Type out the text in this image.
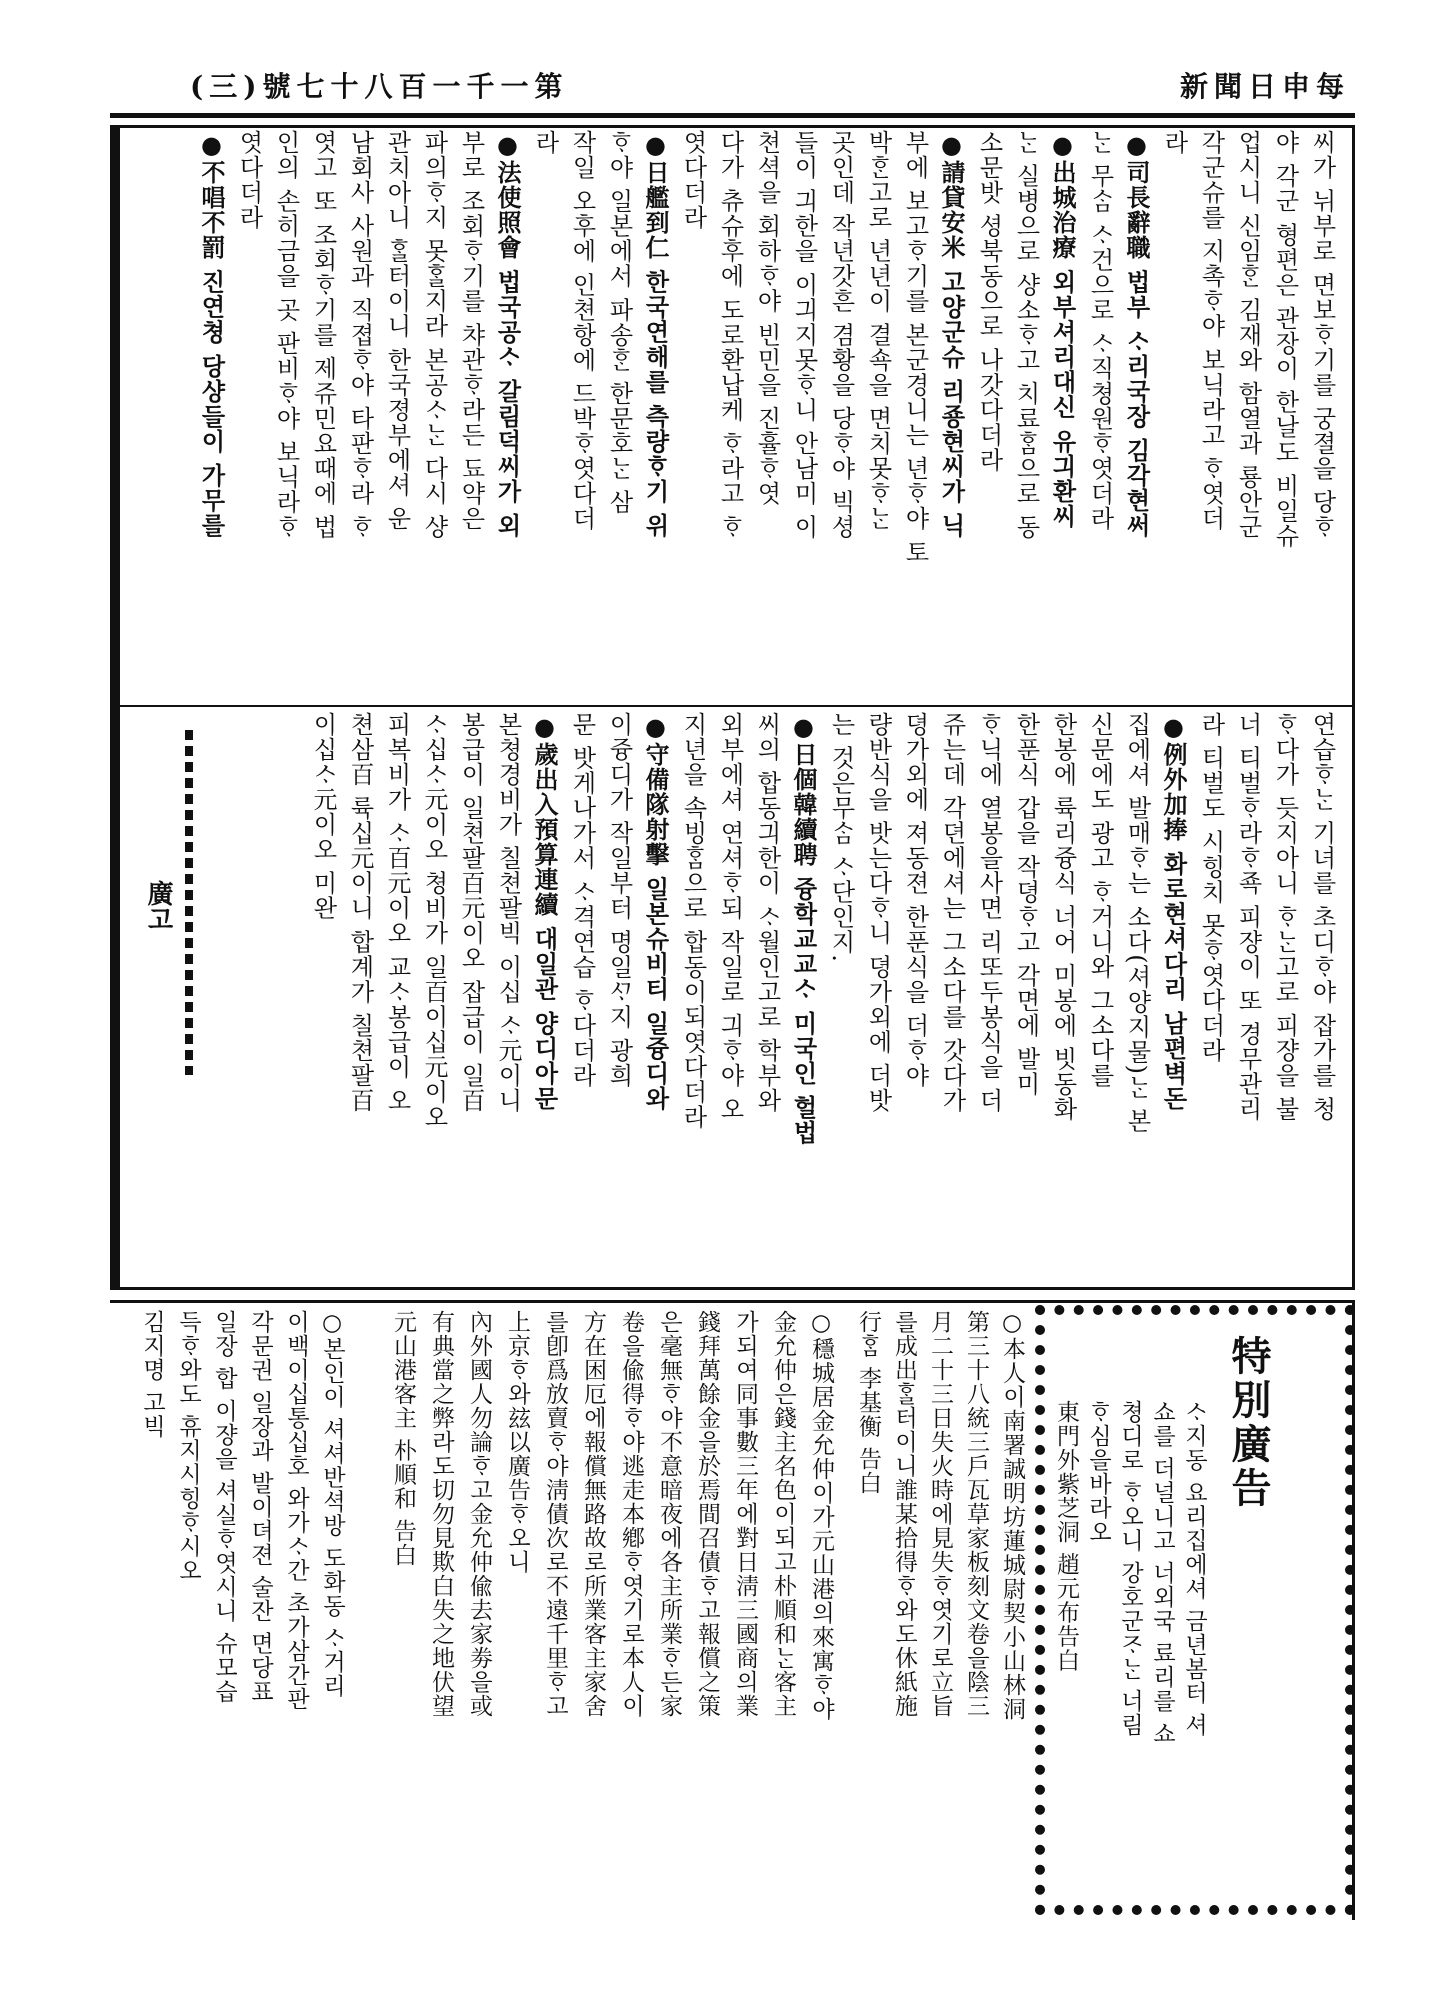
(三)號七十八百一千一第	新聞日申每

씨가 뉘부로 면보ᄒᆞ기를 궁졀을 당ᄒᆞ

야 각군 형편은 관장이 한날도 비일슈

업시니 신임ᄒᆞᆫ 김재와 함열과 룡안군

각군슈를 지촉ᄒᆞ야 보닉라고 ᄒᆞ엿더

라

●司長辭職 법부 ᄉᆞ리국장 김각현써

ᄂᆞᆫ 무ᄉᆞᆷ ᄉᆞ건으로 ᄉᆞ직쳥원ᄒᆞ엿더라

●出城治療 외부셔리대신 유긔환씨

ᄂᆞᆫ 실병으로 샹소ᄒᆞ고 치료ᄒᆞᆷ으로 동

소문밧 셩북동으로 나갓다더라

●請貸安米 고양군슈 리죵현씨가 닉

부에 보고ᄒᆞ기를 본군경니는 년ᄒᆞ야 토

박ᄒᆞᆫ고로 년년이 결쇽을 면치못ᄒᆞᄂᆞᆫ

곳인데 작년갓흔 겸황을 당ᄒᆞ야 빅셩

들이 긔한을 이긔지못ᄒᆞ니 안남미 이

쳔셕을 회하ᄒᆞ야 빈민을 진휼ᄒᆞ엿

다가 츄슈후에 도로환납케 ᄒᆞ라고 ᄒᆞ

엿다더라

●日艦到仁 한국연해를 측량ᄒᆞ기 위

ᄒᆞ야 일본에서 파송ᄒᆞᆫ 한문호ᄂᆞᆫ 삼

작일 오후에 인쳔항에 드박ᄒᆞ엿다더

라

●法使照會 법국공ᄉᆞ 갈림덕씨가 외

부로 조회ᄒᆞ기를 챠관ᄒᆞ라든 됴약은

파의ᄒᆞ지 못ᄒᆞᆯ지라 본공ᄉᆞᄂᆞᆫ 다시 샹

관치아니 ᄒᆞᆯ터이니 한국졍부에셔 운

남회사 사원과 직졉ᄒᆞ야 타판ᄒᆞ라 ᄒᆞ

엿고 또 조회ᄒᆞ기를 제쥬민요때에 법

인의 손히금을 곳 판비ᄒᆞ야 보닉라ᄒᆞ

엿다더라

●不唱不罰 진연쳥 당샹들이 가무를

연습ᄒᆞᄂᆞᆫ 기녀를 초디ᄒᆞ야 잡가를 청

ᄒᆞ다가 듯지아니 ᄒᆞᄂᆞᆫ고로 피쟝을 불

너 티벌ᄒᆞ라ᄒᆞ죡 피쟝이 또 경무관리

라 티벌도 시힝치 못ᄒᆞ엿다더라

●例外加捧 화로현셔다리 남편벽돈

집에셔 발매ᄒᆞ는 소다(셔양지물)ᄂᆞᆫ 본

신문에도 광고 ᄒᆞ거니와 그소다를

한봉에 륙리즁식 너어 미봉에 빗동화

한푼식 갑을 작뎡ᄒᆞ고 각면에 발미

ᄒᆞ닉에 열봉을사면 리또두봉식을 더

쥬는데 각뎐에셔는 그소다를 갓다가

뎡가외에 져동젼 한푼식을 더ᄒᆞ야

량반식을 밧는다ᄒᆞ니 뎡가외에 더밧

는 것은무ᄉᆞᆷ ᄉᆞ단인지.

●日個韓續聘 즁학교교ᄉᆞ 미국인 헐법

씨의 합동긔한이 ᄉᆞ월인고로 학부와

외부에셔 연셔ᄒᆞ되 작일로 긔ᄒᆞ야 오

지년을 속빙ᄒᆞᆷ으로 합동이되엿다더라

●守備隊射擊 일본슈비티 일즁디와

이즁디가 작일부터 명일ᄭᆞ지 광희

문 밧게나가서 ᄉᆞ격연습 ᄒᆞ다더라

●歲出入預算連續 대일관 양디아문

본쳥경비가 칠쳔팔빅 이십 ᄉᆞ元이니

봉급이 일쳔팔百元이오 잡급이 일百

ᄉᆞ십ᄉᆞ元이오 쳥비가 일百이십元이오

피복비가 ᄉᆞ百元이오 교ᄉᆞ봉급이 오

쳔삼百 륙십元이니 합계가 칠쳔팔百

이십ᄉᆞ元이오 미완

廣고
特別廣告

ᄉᆞ지동 요리집에셔 금년봄터 셔

쇼를 더널니고 너외국 료리를 쇼

쳥디로 ᄒᆞ오니 강호군ᄌᆞᄂᆞᆫ 너림

ᄒᆞ심을바라오

東門外紫芝洞 趙元布告白

○本人이南署誠明坊蓮城尉契小山林洞

第三十八統三戶瓦草家板刻文卷을陰三

月二十三日失火時에見失ᄒᆞ엿기로立旨

를成出ᄒᆞᆯ터이니誰某拾得ᄒᆞ와도休紙施

行ᄒᆞᆷ 李基衡 告白

○穩城居金允仲이가元山港의來寓ᄒᆞ야

金允仲은錢主名色이되고朴順和ᄂᆞᆫ客主

가되여同事數三年에對日淸三國商의業

錢拜萬餘金을於焉間召債ᄒᆞ고報償之策

은毫無ᄒᆞ야不意暗夜에各主所業ᄒᆞ든家

卷을偸得ᄒᆞ야逃走本鄕ᄒᆞ엿기로本人이

方在困厄에報償無路故로所業客主家舍

를卽爲放賣ᄒᆞ야淸債次로不遠千里ᄒᆞ고

上京ᄒᆞ와玆以廣告ᄒᆞ오니

內外國人勿論ᄒᆞ고金允仲偸去家劵을或

有典當之弊라도切勿見欺白失之地伏望

元山港客主 朴順和 告白

○본인이 셔셔반셕방 도화동 ᄉᆞ거리

이백이십통십호 와가ᄉᆞ간 초가삼간판

각문권 일장과 발이뎌젼 술잔 면당표

일장 합 이쟝을 셔실ᄒᆞ엿시니 슈모습

득ᄒᆞ와도 휴지시힝ᄒᆞ시오

김지명 고빅
